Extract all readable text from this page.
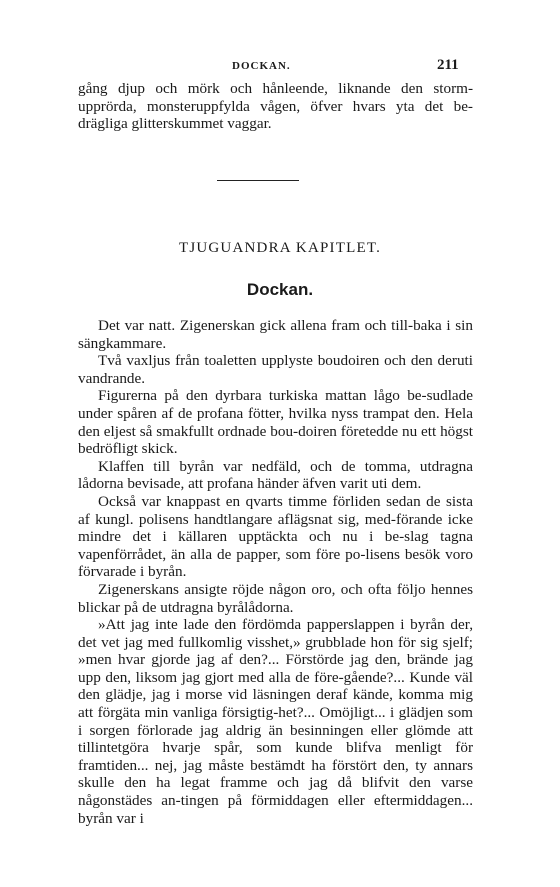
DOCKAN.	211

gång djup och mörk och hånleende, liknande den storm-upprörda, monsteruppfylda vågen, öfver hvars yta det be-drägliga glitterskummet vaggar.

TJUGUANDRA KAPITLET.
Dockan.

Det var natt. Zigenerskan gick allena fram och till-baka i sin sängkammare.

Två vaxljus från toaletten upplyste boudoiren och den deruti vandrande.

Figurerna på den dyrbara turkiska mattan lågo be-sudlade under spåren af de profana fötter, hvilka nyss trampat den. Hela den eljest så smakfullt ordnade bou-doiren företedde nu ett högst bedröfligt skick.

Klaffen till byrån var nedfäld, och de tomma, utdragna lådorna bevisade, att profana händer äfven varit uti dem.

Också var knappast en qvarts timme förliden sedan de sista af kungl. polisens handtlangare aflägsnat sig, med-förande icke mindre det i källaren upptäckta och nu i be-slag tagna vapenförrådet, än alla de papper, som före po-lisens besök voro förvarade i byrån.

Zigenerskans ansigte röjde någon oro, och ofta följo hennes blickar på de utdragna byrålådorna.

»Att jag inte lade den fördömda papperslappen i byrån der, det vet jag med fullkomlig visshet,» grubblade hon för sig sjelf; »men hvar gjorde jag af den?... Förstörde jag den, brände jag upp den, liksom jag gjort med alla de före-gående?... Kunde väl den glädje, jag i morse vid läsningen deraf kände, komma mig att förgäta min vanliga försigtig-het?... Omöjligt... i glädjen som i sorgen förlorade jag aldrig än besinningen eller glömde att tillintetgöra hvarje spår, som kunde blifva menligt för framtiden... nej, jag måste bestämdt ha förstört den, ty annars skulle den ha legat framme och jag då blifvit den varse någonstädes an-tingen på förmiddagen eller eftermiddagen... byrån var i
